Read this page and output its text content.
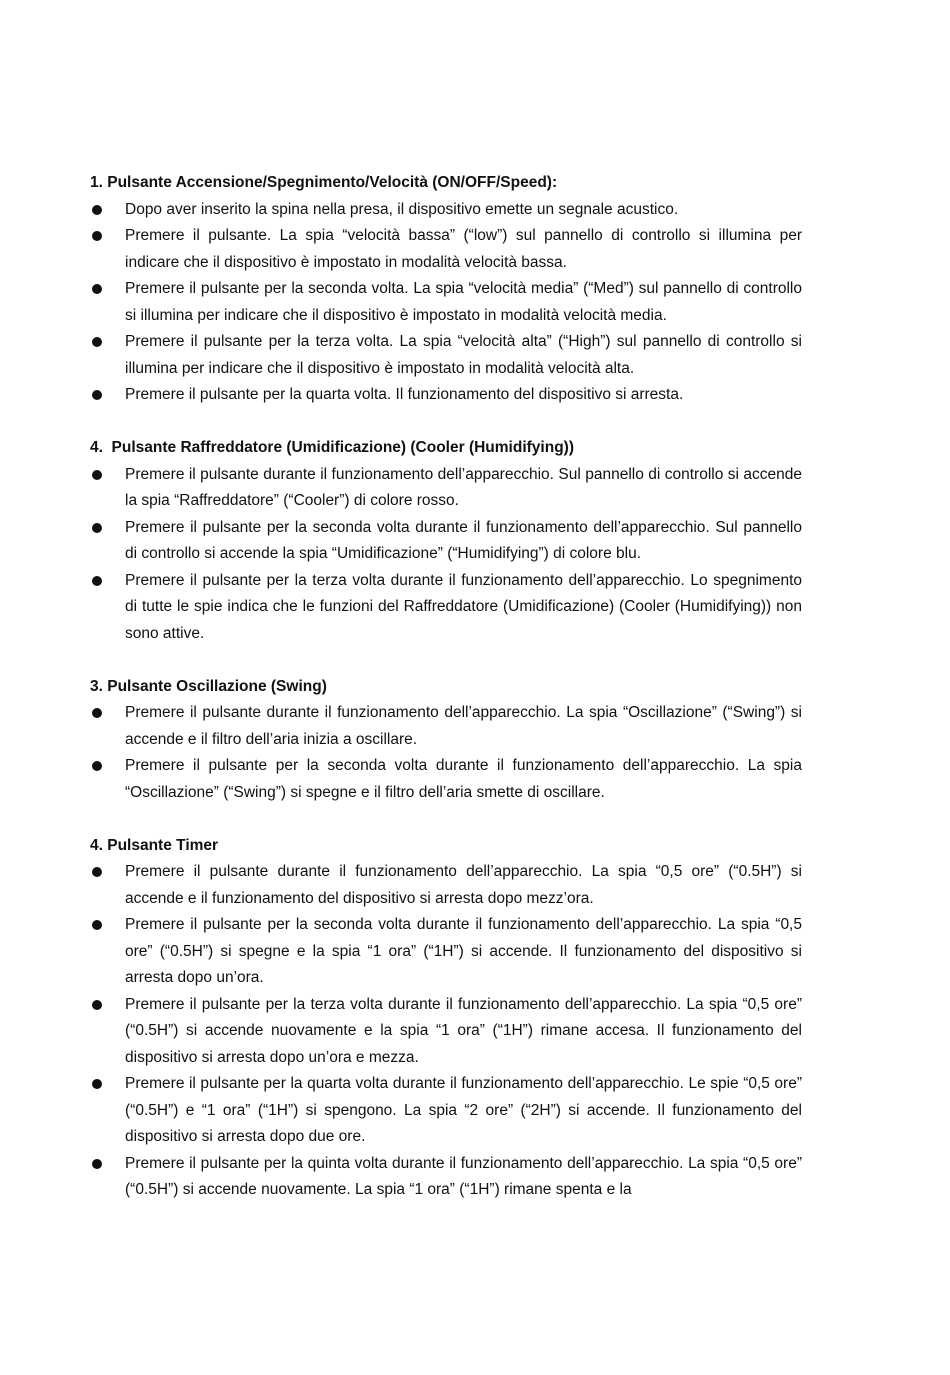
1. Pulsante Accensione/Spegnimento/Velocità (ON/OFF/Speed):
Dopo aver inserito la spina nella presa, il dispositivo emette un segnale acustico.
Premere il pulsante. La spia “velocità bassa” (“low”) sul pannello di controllo si illumina per indicare che il dispositivo è impostato in modalità velocità bassa.
Premere il pulsante per la seconda volta. La spia “velocità media” (“Med”) sul pannello di controllo si illumina per indicare che il dispositivo è impostato in modalità velocità media.
Premere il pulsante per la terza volta. La spia “velocità alta” (“High”) sul pannello di controllo si illumina per indicare che il dispositivo è impostato in modalità velocità alta.
Premere il pulsante per la quarta volta. Il funzionamento del dispositivo si arresta.
4.  Pulsante Raffreddatore (Umidificazione) (Cooler (Humidifying))
Premere il pulsante durante il funzionamento dell’apparecchio. Sul pannello di controllo si accende la spia “Raffreddatore” (“Cooler”) di colore rosso.
Premere il pulsante per la seconda volta durante il funzionamento dell’apparecchio. Sul pannello di controllo si accende la spia “Umidificazione” (“Humidifying”) di colore blu.
Premere il pulsante per la terza volta durante il funzionamento dell’apparecchio. Lo spegnimento di tutte le spie indica che le funzioni del Raffreddatore (Umidificazione) (Cooler (Humidifying)) non sono attive.
3. Pulsante Oscillazione (Swing)
Premere il pulsante durante il funzionamento dell’apparecchio. La spia “Oscillazione” (“Swing”) si accende e il filtro dell’aria inizia a oscillare.
Premere il pulsante per la seconda volta durante il funzionamento dell’apparecchio. La spia “Oscillazione” (“Swing”) si spegne e il filtro dell’aria smette di oscillare.
4. Pulsante Timer
Premere il pulsante durante il funzionamento dell’apparecchio. La spia “0,5 ore” (“0.5H”) si accende e il funzionamento del dispositivo si arresta dopo mezz’ora.
Premere il pulsante per la seconda volta durante il funzionamento dell’apparecchio. La spia “0,5 ore” (“0.5H”) si spegne e la spia “1 ora” (“1H”) si accende. Il funzionamento del dispositivo si arresta dopo un’ora.
Premere il pulsante per la terza volta durante il funzionamento dell’apparecchio. La spia “0,5 ore” (“0.5H”) si accende nuovamente e la spia “1 ora” (“1H”) rimane accesa. Il funzionamento del dispositivo si arresta dopo un’ora e mezza.
Premere il pulsante per la quarta volta durante il funzionamento dell’apparecchio. Le spie “0,5 ore” (“0.5H”) e “1 ora” (“1H”) si spengono. La spia “2 ore” (“2H”) si accende. Il funzionamento del dispositivo si arresta dopo due ore.
Premere il pulsante per la quinta volta durante il funzionamento dell’apparecchio. La spia “0,5 ore” (“0.5H”) si accende nuovamente. La spia “1 ora” (“1H”) rimane spenta e la
